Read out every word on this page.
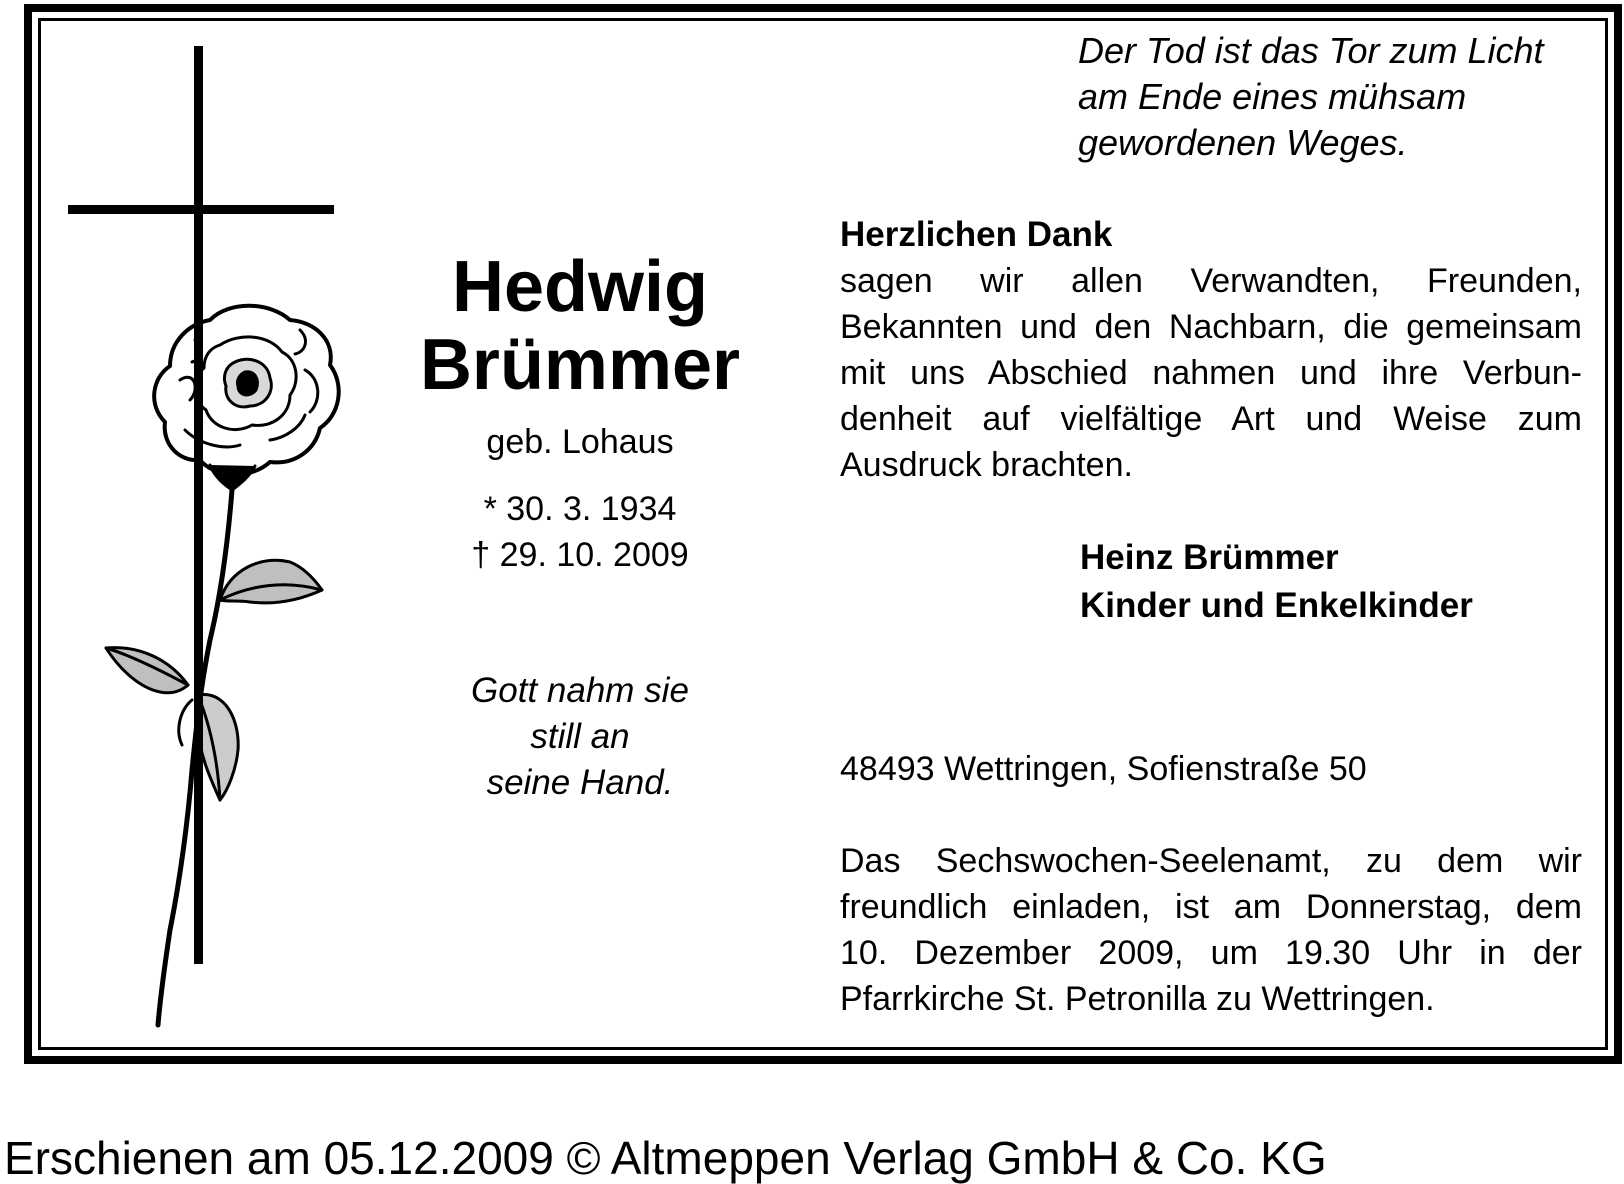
Der Tod ist das Tor zum Licht
am Ende eines mühsam
gewordenen Weges.
Hedwig
Brümmer
geb. Lohaus
* 30. 3. 1934
† 29. 10. 2009
Gott nahm sie
still an
seine Hand.
Herzlichen Dank
sagen wir allen Verwandten, Freunden,
Bekannten und den Nachbarn, die gemeinsam
mit uns Abschied nahmen und ihre Verbun-
denheit auf vielfältige Art und Weise zum
Ausdruck brachten.
Heinz Brümmer
Kinder und Enkelkinder
48493 Wettringen, Sofienstraße 50
Das Sechswochen-Seelenamt, zu dem wir
freundlich einladen, ist am Donnerstag, dem
10. Dezember 2009, um 19.30 Uhr in der
Pfarrkirche St. Petronilla zu Wettringen.
Erschienen am 05.12.2009 © Altmeppen Verlag GmbH & Co. KG
